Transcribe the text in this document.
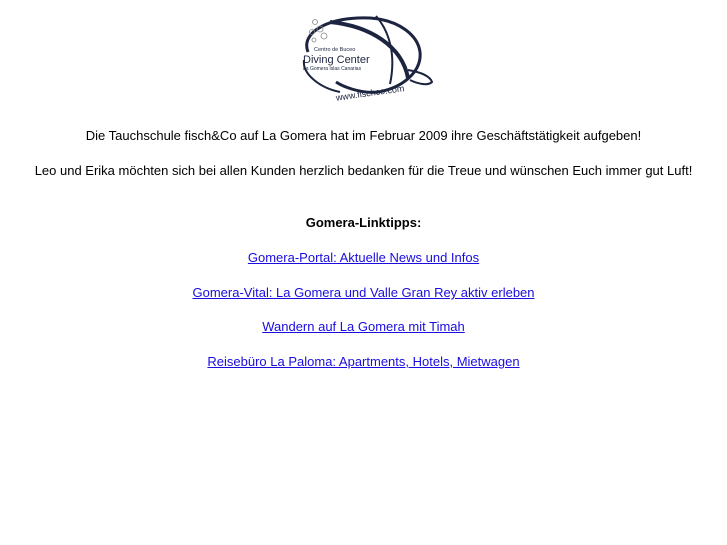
Centro de Buceo
Diving Center
La Gomera Islas Canarias
www.fischco.com
Die Tauchschule fisch&Co auf La Gomera hat im Februar 2009 ihre Geschäftstätigkeit aufgeben!
Leo und Erika möchten sich bei allen Kunden herzlich bedanken für die Treue und wünschen Euch immer gut Luft!
Gomera-Linktipps:
Gomera-Portal: Aktuelle News und Infos
Gomera-Vital: La Gomera und Valle Gran Rey aktiv erleben
Wandern auf La Gomera mit Timah
Reisebüro La Paloma: Apartments, Hotels, Mietwagen
